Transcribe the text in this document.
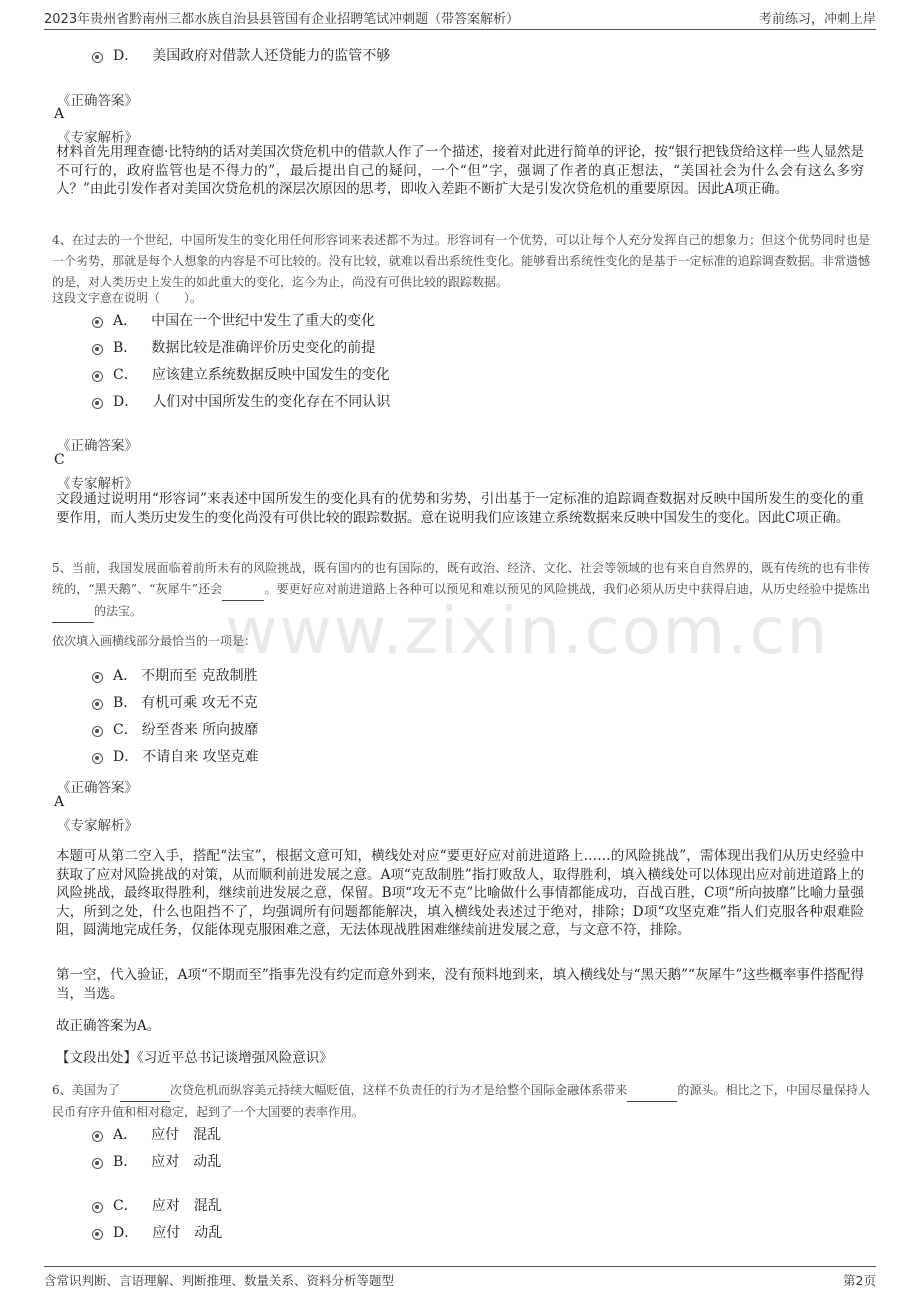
2023年贵州省黔南州三都水族自治县县管国有企业招聘笔试冲刺题（带答案解析）	考前练习，冲刺上岸
www.zixin.com.cn
D． 美国政府对借款人还贷能力的监管不够
《正确答案》
A
《专家解析》
材料首先用理查德·比特纳的话对美国次贷危机中的借款人作了一个描述，接着对此进行简单的评论，按“银行把钱贷给这样一些人显然是不可行的，政府监管也是不得力的”，最后提出自己的疑问，一个“但”字，强调了作者的真正想法，“美国社会为什么会有这么多穷人？”由此引发作者对美国次贷危机的深层次原因的思考，即收入差距不断扩大是引发次贷危机的重要原因。因此A项正确。
4、在过去的一个世纪，中国所发生的变化用任何形容词来表述都不为过。形容词有一个优势，可以让每个人充分发挥自己的想象力；但这个优势同时也是一个劣势，那就是每个人想象的内容是不可比较的。没有比较，就难以看出系统性变化。能够看出系统性变化的是基于一定标准的追踪调查数据。非常遗憾的是，对人类历史上发生的如此重大的变化，迄今为止，尚没有可供比较的跟踪数据。
这段文字意在说明（　　）。
A． 中国在一个世纪中发生了重大的变化
B． 数据比较是准确评价历史变化的前提
C． 应该建立系统数据反映中国发生的变化
D． 人们对中国所发生的变化存在不同认识
《正确答案》
C
《专家解析》
文段通过说明用“形容词”来表述中国所发生的变化具有的优势和劣势，引出基于一定标准的追踪调查数据对反映中国所发生的变化的重要作用，而人类历史发生的变化尚没有可供比较的跟踪数据。意在说明我们应该建立系统数据来反映中国发生的变化。因此C项正确。
5、当前，我国发展面临着前所未有的风险挑战，既有国内的也有国际的，既有政治、经济、文化、社会等领域的也有来自自然界的，既有传统的也有非传统的，“黑天鹅”、“灰犀牛”还会	。要更好应对前进道路上各种可以预见和难以预见的风险挑战，我们必须从历史中获得启迪，从历史经验中提炼出 的法宝。
依次填入画横线部分最恰当的一项是：
A． 不期而至 克敌制胜
B． 有机可乘 攻无不克
C． 纷至沓来 所向披靡
D． 不请自来 攻坚克难
《正确答案》
A
《专家解析》
本题可从第二空入手，搭配“法宝”，根据文意可知，横线处对应“要更好应对前进道路上……的风险挑战”，需体现出我们从历史经验中获取了应对风险挑战的对策，从而顺利前进发展之意。A项“克敌制胜”指打败敌人，取得胜利，填入横线处可以体现出应对前进道路上的风险挑战，最终取得胜利，继续前进发展之意，保留。B项“攻无不克”比喻做什么事情都能成功，百战百胜，C项“所向披靡”比喻力量强大，所到之处，什么也阻挡不了，均强调所有问题都能解决，填入横线处表述过于绝对，排除；D项“攻坚克难”指人们克服各种艰难险阻，圆满地完成任务，仅能体现克服困难之意，无法体现战胜困难继续前进发展之意，与文意不符，排除。
第一空，代入验证，A项“不期而至”指事先没有约定而意外到来，没有预料地到来，填入横线处与“黑天鹅”“灰犀牛”这些概率事件搭配得当，当选。
故正确答案为A。
【文段出处】《习近平总书记谈增强风险意识》
6、美国为了	次贷危机而纵容美元持续大幅贬值，这样不负责任的行为才是给整个国际金融体系带来	的源头。相比之下，中国尽量保持人民币有序升值和相对稳定，起到了一个大国要的表率作用。
A． 应付　混乱
B． 应对　动乱
C． 应对　混乱
D． 应付　动乱
含常识判断、言语理解、判断推理、数量关系、资料分析等题型	第2页
